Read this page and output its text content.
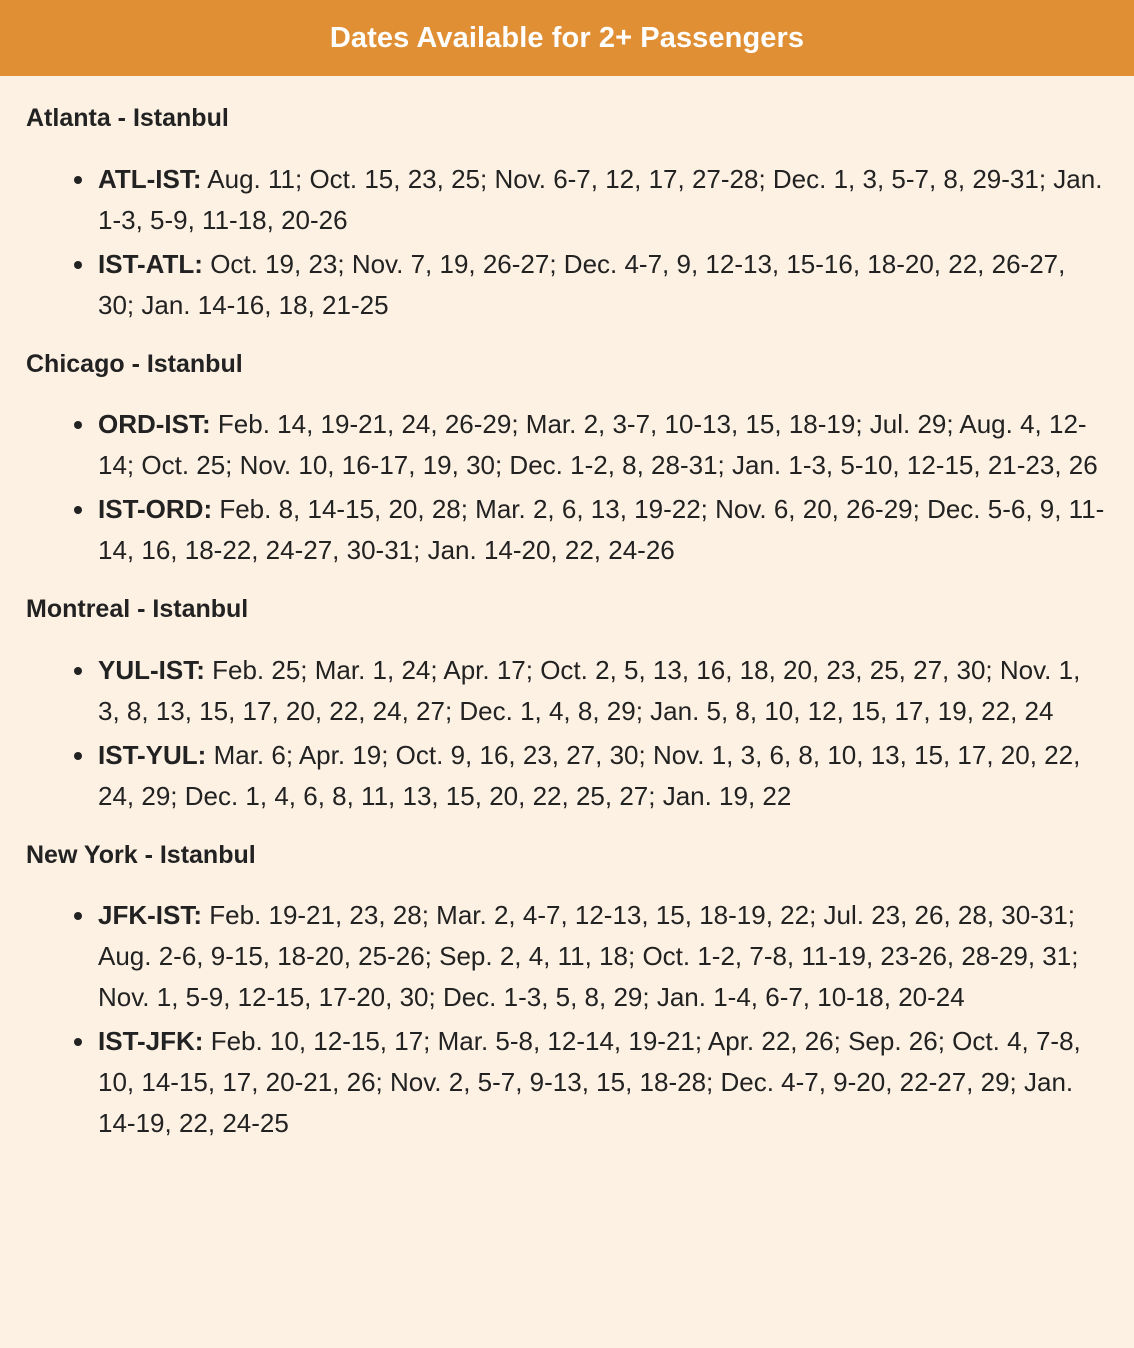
Dates Available for 2+ Passengers
Atlanta - Istanbul
ATL-IST: Aug. 11; Oct. 15, 23, 25; Nov. 6-7, 12, 17, 27-28; Dec. 1, 3, 5-7, 8, 29-31; Jan. 1-3, 5-9, 11-18, 20-26
IST-ATL: Oct. 19, 23; Nov. 7, 19, 26-27; Dec. 4-7, 9, 12-13, 15-16, 18-20, 22, 26-27, 30; Jan. 14-16, 18, 21-25
Chicago - Istanbul
ORD-IST: Feb. 14, 19-21, 24, 26-29; Mar. 2, 3-7, 10-13, 15, 18-19; Jul. 29; Aug. 4, 12-14; Oct. 25; Nov. 10, 16-17, 19, 30; Dec. 1-2, 8, 28-31; Jan. 1-3, 5-10, 12-15, 21-23, 26
IST-ORD: Feb. 8, 14-15, 20, 28; Mar. 2, 6, 13, 19-22; Nov. 6, 20, 26-29; Dec. 5-6, 9, 11-14, 16, 18-22, 24-27, 30-31; Jan. 14-20, 22, 24-26
Montreal - Istanbul
YUL-IST: Feb. 25; Mar. 1, 24; Apr. 17; Oct. 2, 5, 13, 16, 18, 20, 23, 25, 27, 30; Nov. 1, 3, 8, 13, 15, 17, 20, 22, 24, 27; Dec. 1, 4, 8, 29; Jan. 5, 8, 10, 12, 15, 17, 19, 22, 24
IST-YUL: Mar. 6; Apr. 19; Oct. 9, 16, 23, 27, 30; Nov. 1, 3, 6, 8, 10, 13, 15, 17, 20, 22, 24, 29; Dec. 1, 4, 6, 8, 11, 13, 15, 20, 22, 25, 27; Jan. 19, 22
New York - Istanbul
JFK-IST: Feb. 19-21, 23, 28; Mar. 2, 4-7, 12-13, 15, 18-19, 22; Jul. 23, 26, 28, 30-31; Aug. 2-6, 9-15, 18-20, 25-26; Sep. 2, 4, 11, 18; Oct. 1-2, 7-8, 11-19, 23-26, 28-29, 31; Nov. 1, 5-9, 12-15, 17-20, 30; Dec. 1-3, 5, 8, 29; Jan. 1-4, 6-7, 10-18, 20-24
IST-JFK: Feb. 10, 12-15, 17; Mar. 5-8, 12-14, 19-21; Apr. 22, 26; Sep. 26; Oct. 4, 7-8, 10, 14-15, 17, 20-21, 26; Nov. 2, 5-7, 9-13, 15, 18-28; Dec. 4-7, 9-20, 22-27, 29; Jan. 14-19, 22, 24-25
